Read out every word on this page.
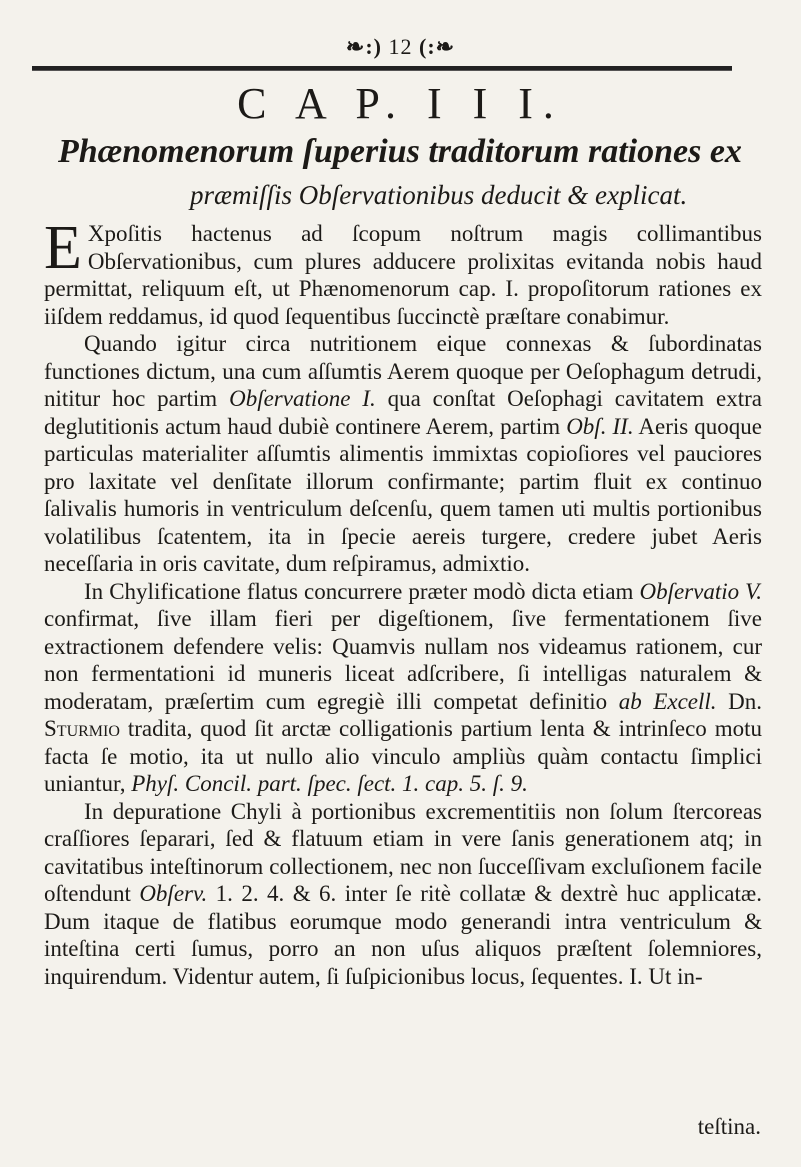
❧:) 12 (:❧
C A P. I I I.
Phænomenorum ſuperius traditorum rationes ex
præmiſſis Obſervationibus deducit & explicat.

EXpoſitis hactenus ad ſcopum noſtrum magis collimantibus Obſervationibus, cum plures adducere prolixitas evitanda nobis haud permittat, reliquum eſt, ut Phænomenorum cap. I. propoſitorum rationes ex iiſdem reddamus, id quod ſequentibus ſuccinctè præſtare conabimur.

Quando igitur circa nutritionem eique connexas & ſubordinatas functiones dictum, una cum aſſumtis Aerem quoque per Oeſophagum detrudi, nititur hoc partim Obſervatione I. qua conſtat Oeſophagi cavitatem extra deglutitionis actum haud dubiè continere Aerem, partim Obſ. II. Aeris quoque particulas materialiter aſſumtis alimentis immixtas copioſiores vel pauciores pro laxitate vel denſitate illorum confirmante; partim fluit ex continuo ſalivalis humoris in ventriculum deſcenſu, quem tamen uti multis portionibus volatilibus ſcatentem, ita in ſpecie aereis turgere, credere jubet Aeris neceſſaria in oris cavitate, dum reſpiramus, admixtio.

In Chylificatione flatus concurrere præter modò dicta etiam Obſervatio V. confirmat, ſive illam fieri per digeſtionem, ſive fermentationem ſive extractionem defendere velis: Quamvis nullam nos videamus rationem, cur non fermentationi id muneris liceat adſcribere, ſi intelligas naturalem & moderatam, præſertim cum egregiè illi competat definitio ab Excell. Dn. Sturmio tradita, quod ſit arctæ colligationis partium lenta & intrinſeco motu facta ſe motio, ita ut nullo alio vinculo ampliùs quàm contactu ſimplici uniantur, Phyſ. Concil. part. ſpec. ſect. 1. cap. 5. ſ. 9.

In depuratione Chyli à portionibus excrementitiis non ſolum ſtercoreas craſſiores ſeparari, ſed & flatuum etiam in vere ſanis generationem atq; in cavitatibus inteſtinorum collectionem, nec non ſucceſſivam excluſionem facile oſtendunt Obſerv. 1. 2. 4. & 6. inter ſe ritè collatæ & dextrè huc applicatæ. Dum itaque de flatibus eorumque modo generandi intra ventriculum & inteſtina certi ſumus, porro an non uſus aliquos præſtent ſolemniores, inquirendum. Videntur autem, ſi ſuſpicionibus locus, ſequentes. I. Ut in-

teſtina.
